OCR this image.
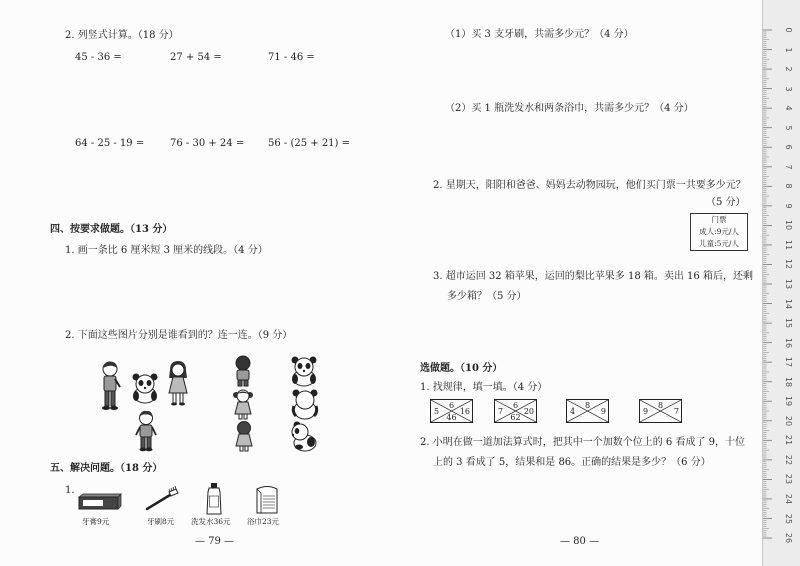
2. 列竖式计算。（18 分）
45 - 36 =	27 + 54 =	71 - 46 =
64 - 25 - 19 =	76 - 30 + 24 = 56 - (25 + 21) =
四、按要求做题。（13 分）
1. 画一条比 6 厘米短 3 厘米的线段。（4 分）
2. 下面这些图片分别是谁看到的？连一连。（9 分）
五、解决问题。（18 分）
1.
牙膏9元	牙刷8元 洗发水36元 浴巾23元
— 79 —
（1）买 3 支牙刷，共需多少元？（4 分）
（2）买 1 瓶洗发水和两条浴巾，共需多少元？（4 分）
2. 星期天，阳阳和爸爸、妈妈去动物园玩，他们买门票一共要多少元？
（5 分）
门票
成人:9元/人
儿童:5元/人
3. 超市运回 32 箱苹果，运回的梨比苹果多 18 箱。卖出 16 箱后，还剩
多少箱？（5 分）
选做题。（10 分）
1. 找规律，填一填。（4 分）
6
5	16
46
6
7	20
62
8
4	9
8
9	7
2. 小明在做一道加法算式时，把其中一个加数个位上的 6 看成了 9，十位
上的 3 看成了 5，结果和是 86。正确的结果是多少？（6 分）
— 80 —
0
1
2
3
4
5
6
7
8
9
10
11
12
13
14
15
16
17
18
19
20
21
22
23
24
25
26
